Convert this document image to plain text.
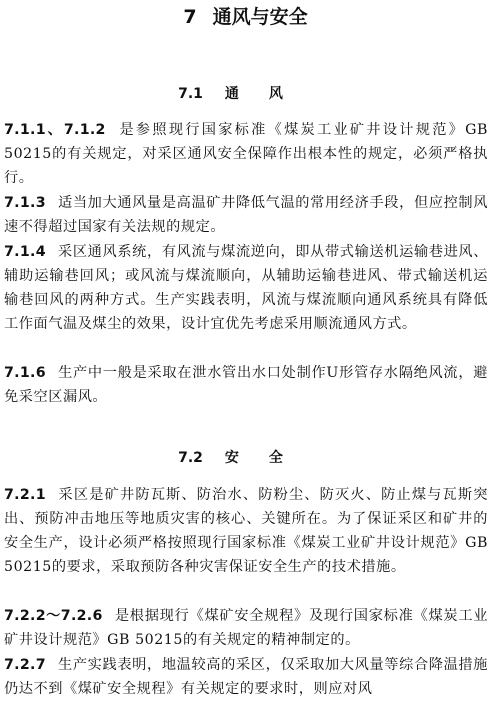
7 通风与安全
7.1 通风

7.1.1、7.1.2 是参照现行国家标准《煤炭工业矿井设计规范》GB 50215的有关规定，对采区通风安全保障作出根本性的规定，必须严格执行。

7.1.3 适当加大通风量是高温矿井降低气温的常用经济手段，但应控制风速不得超过国家有关法规的规定。

7.1.4 采区通风系统，有风流与煤流逆向，即从带式输送机运输巷进风、辅助运输巷回风；或风流与煤流顺向，从辅助运输巷进风、带式输送机运输巷回风的两种方式。生产实践表明，风流与煤流顺向通风系统具有降低工作面气温及煤尘的效果，设计宜优先考虑采用顺流通风方式。

7.1.6 生产中一般是采取在泄水管出水口处制作U形管存水隔绝风流，避免采空区漏风。

7.2 安全

7.2.1 采区是矿井防瓦斯、防治水、防粉尘、防灭火、防止煤与瓦斯突出、预防冲击地压等地质灾害的核心、关键所在。为了保证采区和矿井的安全生产，设计必须严格按照现行国家标准《煤炭工业矿井设计规范》GB 50215的要求，采取预防各种灾害保证安全生产的技术措施。

7.2.2～7.2.6 是根据现行《煤矿安全规程》及现行国家标准《煤炭工业矿井设计规范》GB 50215的有关规定的精神制定的。

7.2.7 生产实践表明，地温较高的采区，仅采取加大风量等综合降温措施仍达不到《煤矿安全规程》有关规定的要求时，则应对风
